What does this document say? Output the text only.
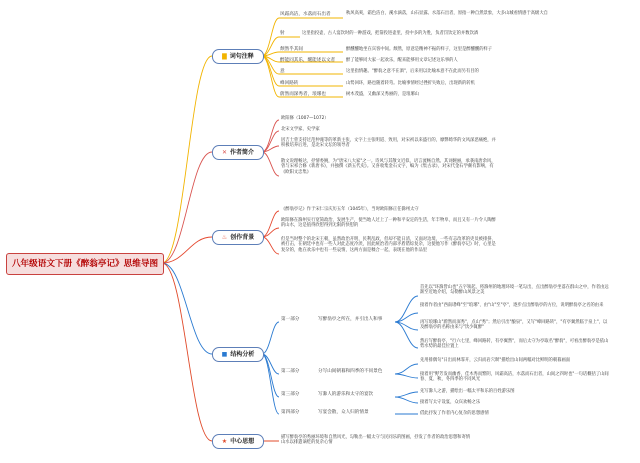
八年级语文下册《醉翁亭记》思维导图
▇ 词句注释
✕ 作者简介
♨ 创作背景
■ 结构分析
★ 中心思想
风霜高洁，水落而石出者	秋风高爽，霜色洁白，溪水滴落，山石显露。水落石出者，原指一种自然景象，大多山城看情感于高级大自
射	这里指投壶，古人宴饮时的一种游戏，把箭投进壶里，投中多的为胜，负者罚饮定的并数饮酒
颓然乎其间	醉醺醺地坐在宾客中间。颓然，原意是精神不振的样子，这里是醉醺醺的样子
醉能同其乐，醒能述以文者	醉了能够同大家一起欢乐，醒来能够用文章记述这乐事的人
意	这里指情趣。"醉翁之意不在酒"，后来用以比喻本意不在此而另有目的
峰回路转	山势回环，路也随着转弯。比喻事情经过挫折失败后，出现新的转机
蔚然而深秀者，琅琊也	树木茂盛，又幽深又秀丽的，是琅琊山
欧阳修（1007—1072）
北宋文学家、史学家
因吉士曾支持过范仲淹等的革新主张，文字上主张明道、致用，对宋初以来盛行的，靡弊绮华的文风深恶痛绝，并积极培养后进，是北宋文坛的领导者
散文说理畅达，抒情委婉，为"唐宋八大家"之一。诗风与其散文近似，语言流畅自然。其词婉丽，承袭南唐余风，曾与宋祁合修《新唐书》，并独撰《新五代史》。又喜收集金石文字，编为《集古录》，对宋代金石学颇有影响，有《欧阳文忠集》
《醉翁亭记》作于宋仁宗庆历五年（1045年），当时欧阳修正任滁州太守
欧阳修在滁州实行宽简政治，发展生产，使当地人过上了一种和平安定的生活，年丰物阜，而且又有一片令人陶醉的山水，这是值得欣慰得到无限的快慰的
但是当时整个的北宋王朝，虽然政治开明，民利乱政，但却不能日清，又面对边境，一些有志改革的吏员被排挤、被打击，在朝廷中也有一些人对此态度冷淡，因此统治者内部矛盾错综复杂，这使他写作《醉翁亭记》时，心里是复杂的，他在欢乐中也有一些哀情，这两方面是糅合一起，表现在他的作品里
第一部分	写醉翁亭之所在，并引出人和事
首先以"环滁皆山也"五字领起，将滁州的地理环境一笔勾出，点出醉翁亭坐落在群山之中，作者由远渐至近地介绍，勾勒醉山风景之美
接着作者由"西南诸峰"至"琅琊"、由"山"至"亭"，逐步点出醉翁亭的方位，说明醉翁亭之名的由来
再写琅琊山"蔚然而深秀"，点山"秀"；然后引出"酿泉"，又写"峰回路转"，"有亭翼然临于泉上"，以及醉翁亭的名称由来与"饮少辄醉"
然后写醉翁亭，"行六七里，峰回路转，有亭翼然"，而后太守为亭取名"醉翁"，可看出醉翁亭是依山势水势的最佳位置上
第二部分	分写山间朝暮和四季的不同景色
先用排偶句"日出而林霏开，云归而岩穴暝"描绘出山间两幅对比鲜明的朝暮画面
接着用"野芳发而幽香，佳木秀而繁阴，风霜高洁，水落而石出者，山间之四时也"一句话概括了山间春、夏、秋、冬四季的不同风光
第三部分	写滁人的游乐和太守的宴饮
先写滁人之游，描绘出一幅太平和乐的百姓游乐图
接着写太守设宴，众宾欢畅之乐
第四部分	写宴会散，众人归的情景	借此抒发了作者内心复杂的思想感情
描写醉翁亭的秀丽环境和自然风光，勾勒出一幅太守与民同乐的图画，抒发了作者的政治思想和寄情山水以排遣谪贬的复杂心情
